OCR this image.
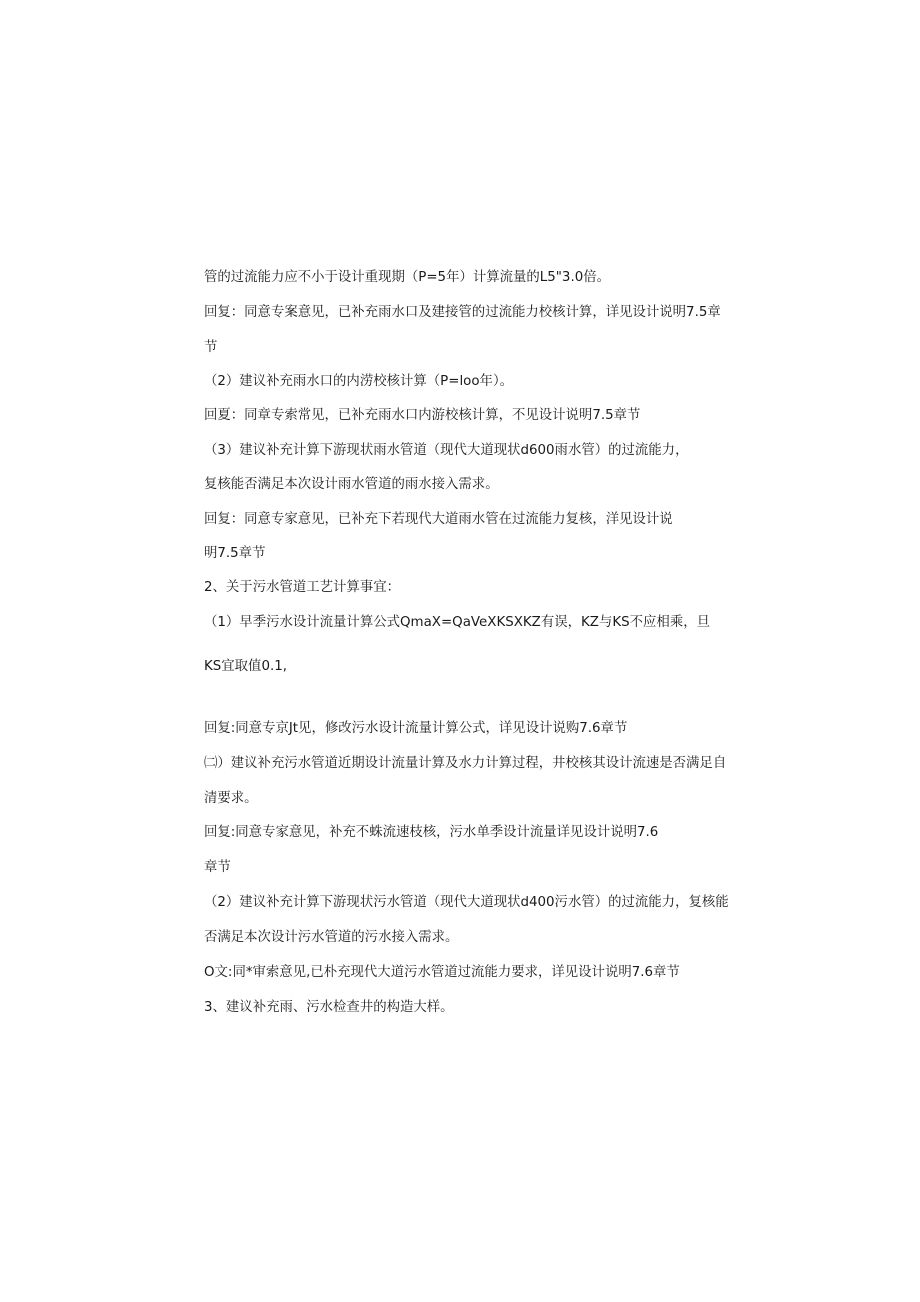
管的过流能力应不小于设计重现期（P=5年）计算流量的L5"3.0倍。
回复：同意专案意见，已补充雨水口及建接管的过流能力校核计算，详见设计说明7.5章
节
（2）建议补充雨水口的内涝校核计算（P=loo年）。
回夏：同章专索常见，已补充雨水口内游校核计算，不见设计说明7.5章节
（3）建议补充计算下游现状雨水管道（现代大道现状d600雨水管）的过流能力，
复核能否满足本次设计雨水管道的雨水接入需求。
回复：同意专家意见，已补充下若现代大道雨水管在过流能力复核，洋见设计说
明7.5章节
2、关于污水管道工艺计算事宜：
（1）早季污水设计流量计算公式QmaX=QaVeXKSXKZ有误，KZ与KS不应相乘，旦
KS宜取值0.1,
回复:同意专京Jt见，修改污水设计流量计算公式，详见设计说购7.6章节
㈡）建议补充污水管道近期设计流量计算及水力计算过程，井校核其设计流速是否满足自
清要求。
回复:同意专家意见，补充不蛛流速枝核，污水单季设计流量详见设计说明7.6
章节
（2）建议补充计算下游现状污水管道（现代大道现状d400污水管）的过流能力，复核能
否满足本次设计污水管道的污水接入需求。
O文:同*审索意见,已朴充现代大道污水管道过流能力要求，详见设计说明7.6章节
3、建议补充雨、污水检查井的构造大样。
